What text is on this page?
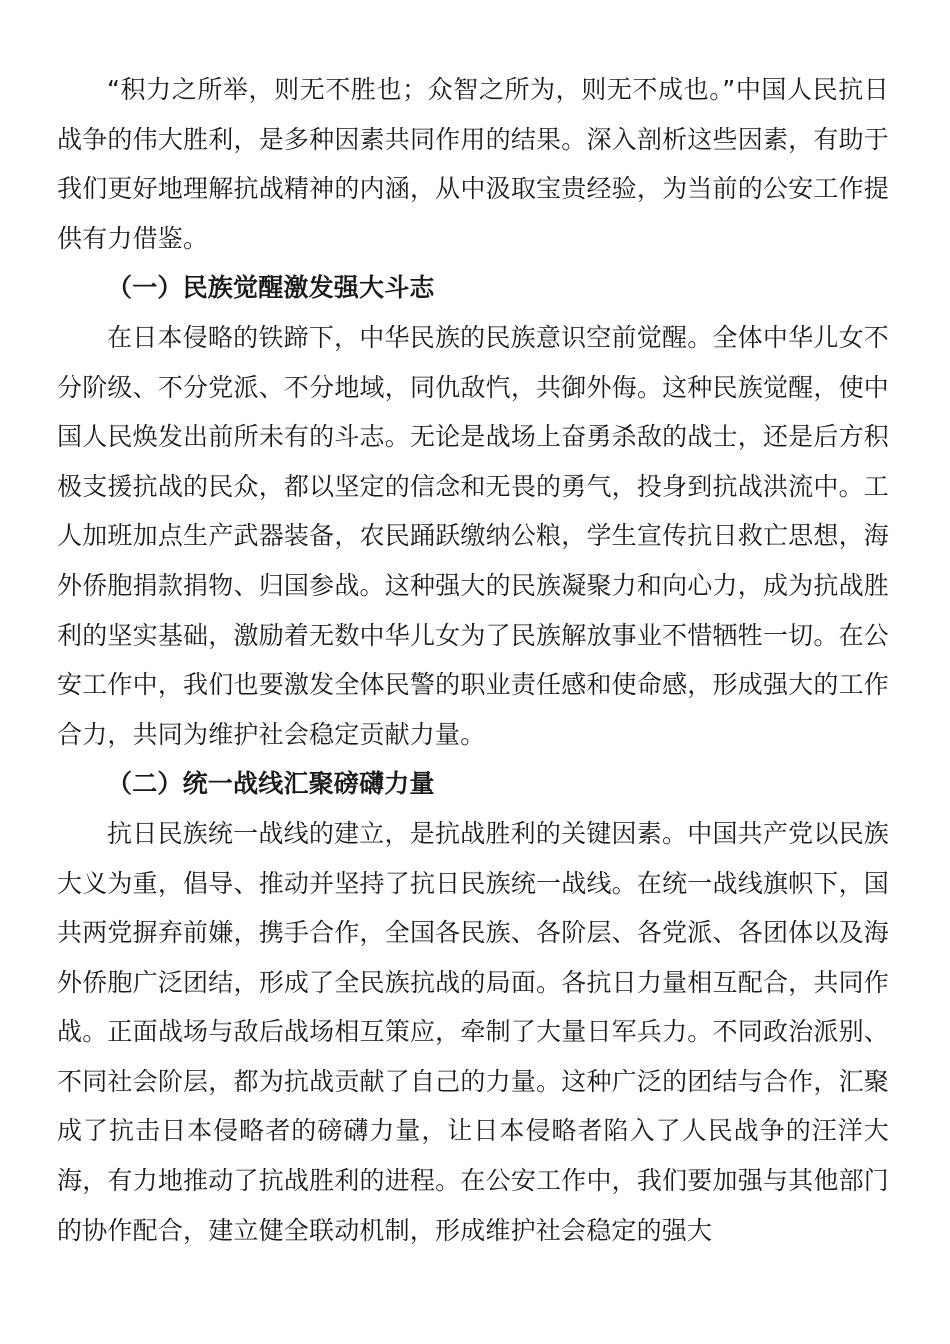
“积力之所举，则无不胜也；众智之所为，则无不成也。”中国人民抗日战争的伟大胜利，是多种因素共同作用的结果。深入剖析这些因素，有助于我们更好地理解抗战精神的内涵，从中汲取宝贵经验，为当前的公安工作提供有力借鉴。

（一）民族觉醒激发强大斗志

在日本侵略的铁蹄下，中华民族的民族意识空前觉醒。全体中华儿女不分阶级、不分党派、不分地域，同仇敌忾，共御外侮。这种民族觉醒，使中国人民焕发出前所未有的斗志。无论是战场上奋勇杀敌的战士，还是后方积极支援抗战的民众，都以坚定的信念和无畏的勇气，投身到抗战洪流中。工人加班加点生产武器装备，农民踊跃缴纳公粮，学生宣传抗日救亡思想，海外侨胞捐款捐物、归国参战。这种强大的民族凝聚力和向心力，成为抗战胜利的坚实基础，激励着无数中华儿女为了民族解放事业不惜牺牲一切。在公安工作中，我们也要激发全体民警的职业责任感和使命感，形成强大的工作合力，共同为维护社会稳定贡献力量。

（二）统一战线汇聚磅礴力量

抗日民族统一战线的建立，是抗战胜利的关键因素。中国共产党以民族大义为重，倡导、推动并坚持了抗日民族统一战线。在统一战线旗帜下，国共两党摒弃前嫌，携手合作，全国各民族、各阶层、各党派、各团体以及海外侨胞广泛团结，形成了全民族抗战的局面。各抗日力量相互配合，共同作战。正面战场与敌后战场相互策应，牵制了大量日军兵力。不同政治派别、不同社会阶层，都为抗战贡献了自己的力量。这种广泛的团结与合作，汇聚成了抗击日本侵略者的磅礴力量，让日本侵略者陷入了人民战争的汪洋大海，有力地推动了抗战胜利的进程。在公安工作中，我们要加强与其他部门的协作配合，建立健全联动机制，形成维护社会稳定的强大
